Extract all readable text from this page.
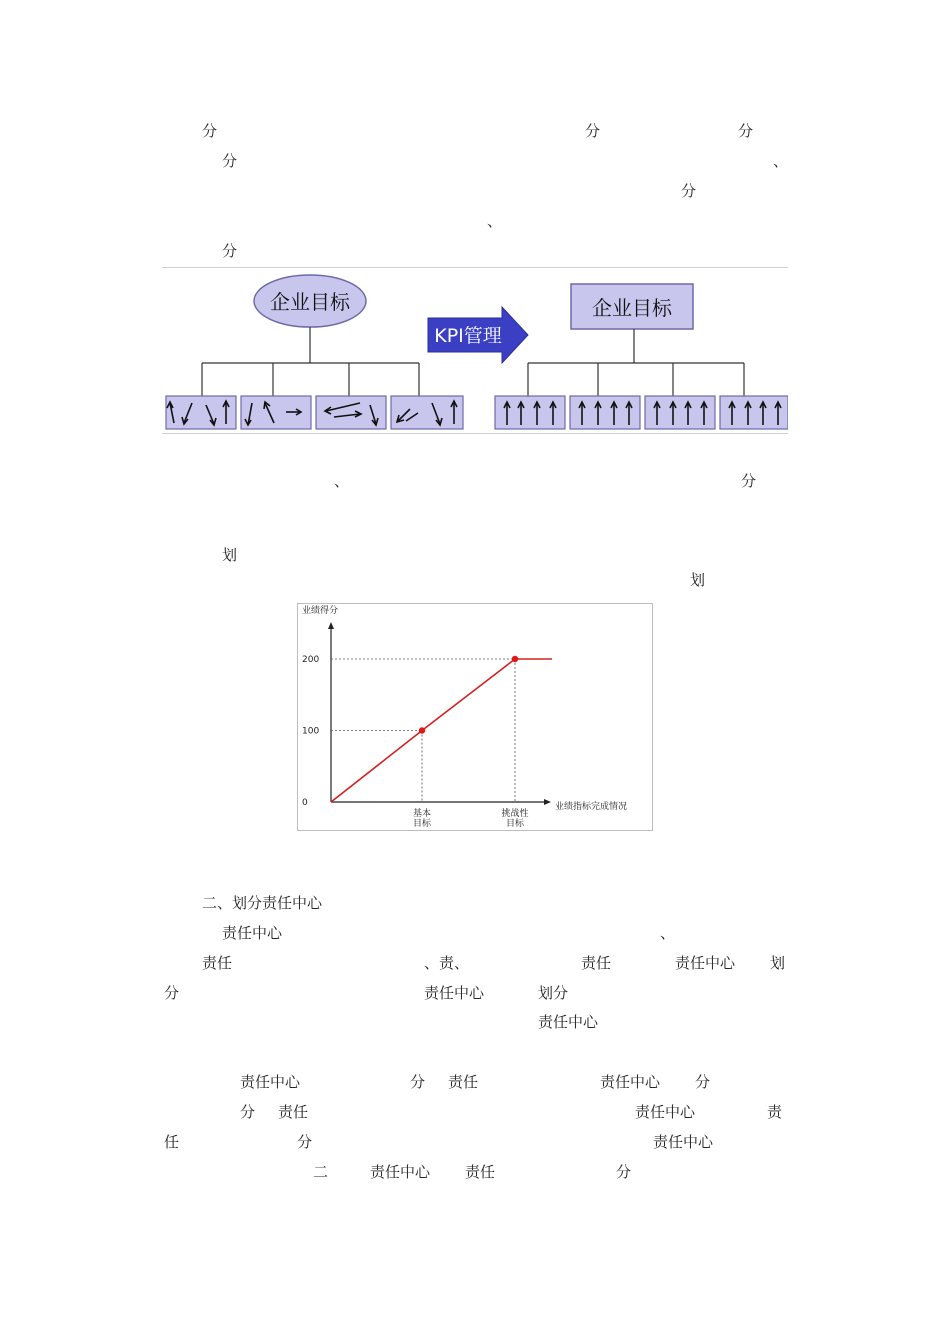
分	分	分
分	、
分
、
分
企业目标
KPI管理
企业目标
、	分
划
划
业绩得分
业绩指标完成情况
200
100
0
基本目标
挑战性目标
二、划分责任中心
责任中心	、
责任	、责、	责任	责任中心 划
分	责任中心	划分
责任中心
责任中心	分 责任	责任中心 分
分 责任	责任中心	责
任	分	责任中心
二	责任中心 责任	分
